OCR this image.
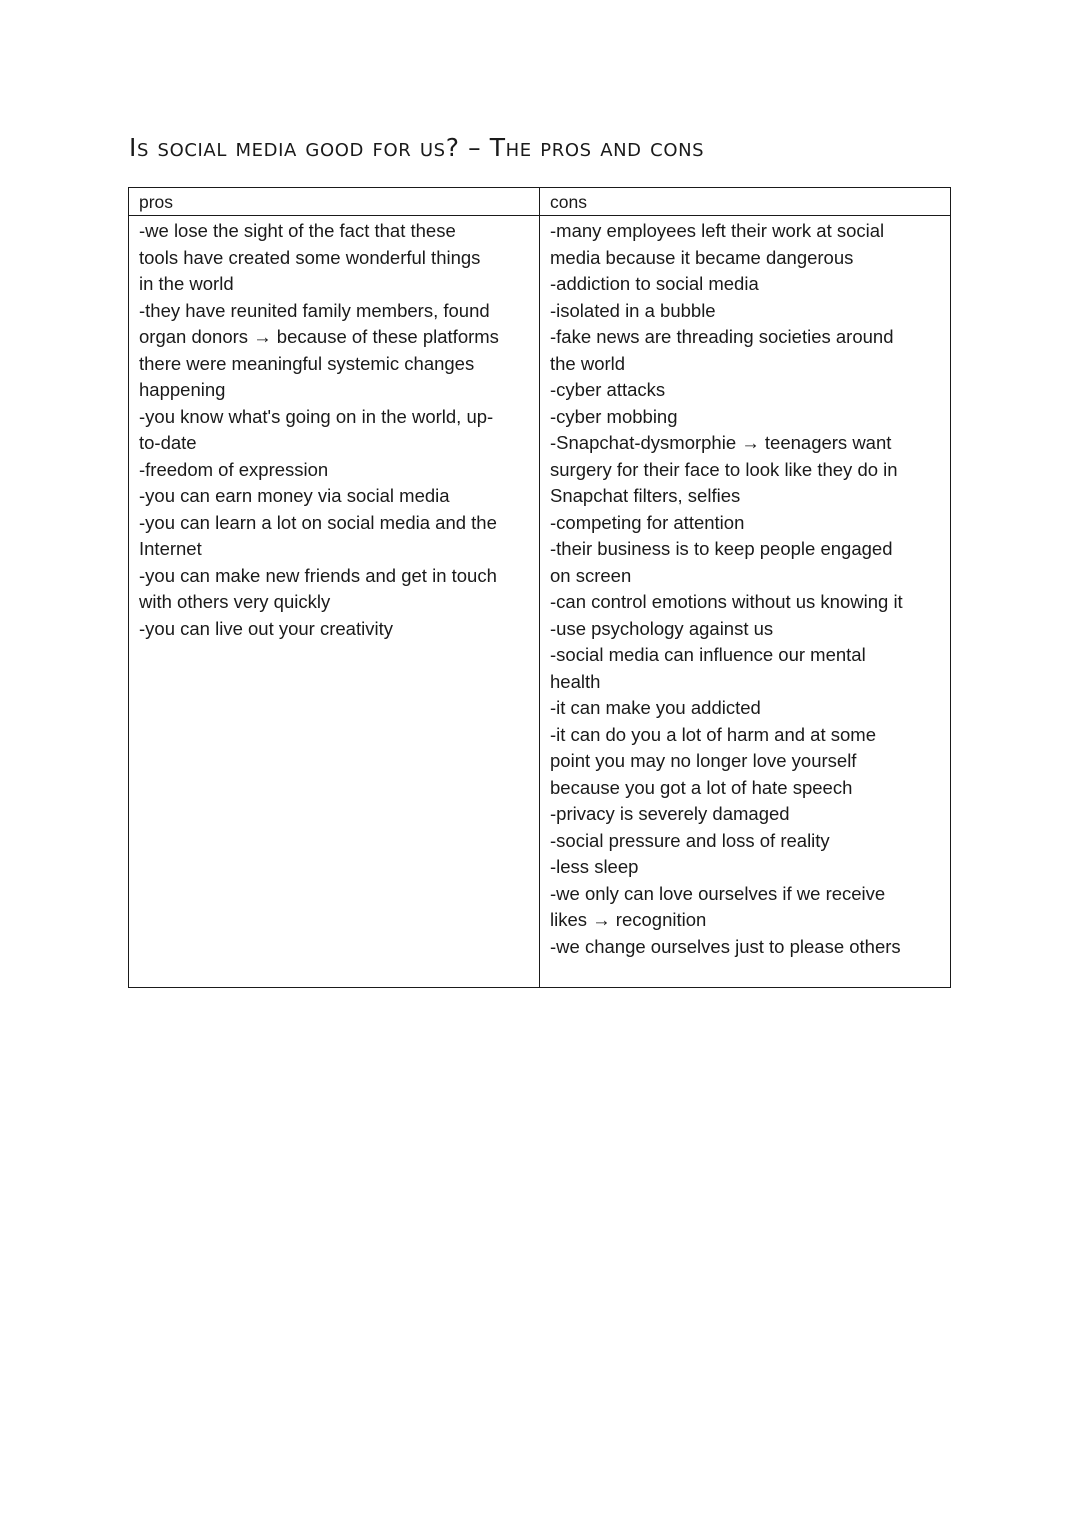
Is social media good for us? – The pros and cons
pros	cons
-we lose the sight of the fact that these
tools have created some wonderful things
in the world
-they have reunited family members, found
organ donors → because of these platforms
there were meaningful systemic changes
happening
-you know what's going on in the world, up-
to-date
-freedom of expression
-you can earn money via social media
-you can learn a lot on social media and the
Internet
-you can make new friends and get in touch
with others very quickly
-you can live out your creativity
-many employees left their work at social
media because it became dangerous
-addiction to social media
-isolated in a bubble
-fake news are threading societies around
the world
-cyber attacks
-cyber mobbing
-Snapchat-dysmorphie → teenagers want
surgery for their face to look like they do in
Snapchat filters, selfies
-competing for attention
-their business is to keep people engaged
on screen
-can control emotions without us knowing it
-use psychology against us
-social media can influence our mental
health
-it can make you addicted
-it can do you a lot of harm and at some
point you may no longer love yourself
because you got a lot of hate speech
-privacy is severely damaged
-social pressure and loss of reality
-less sleep
-we only can love ourselves if we receive
likes → recognition
-we change ourselves just to please others
